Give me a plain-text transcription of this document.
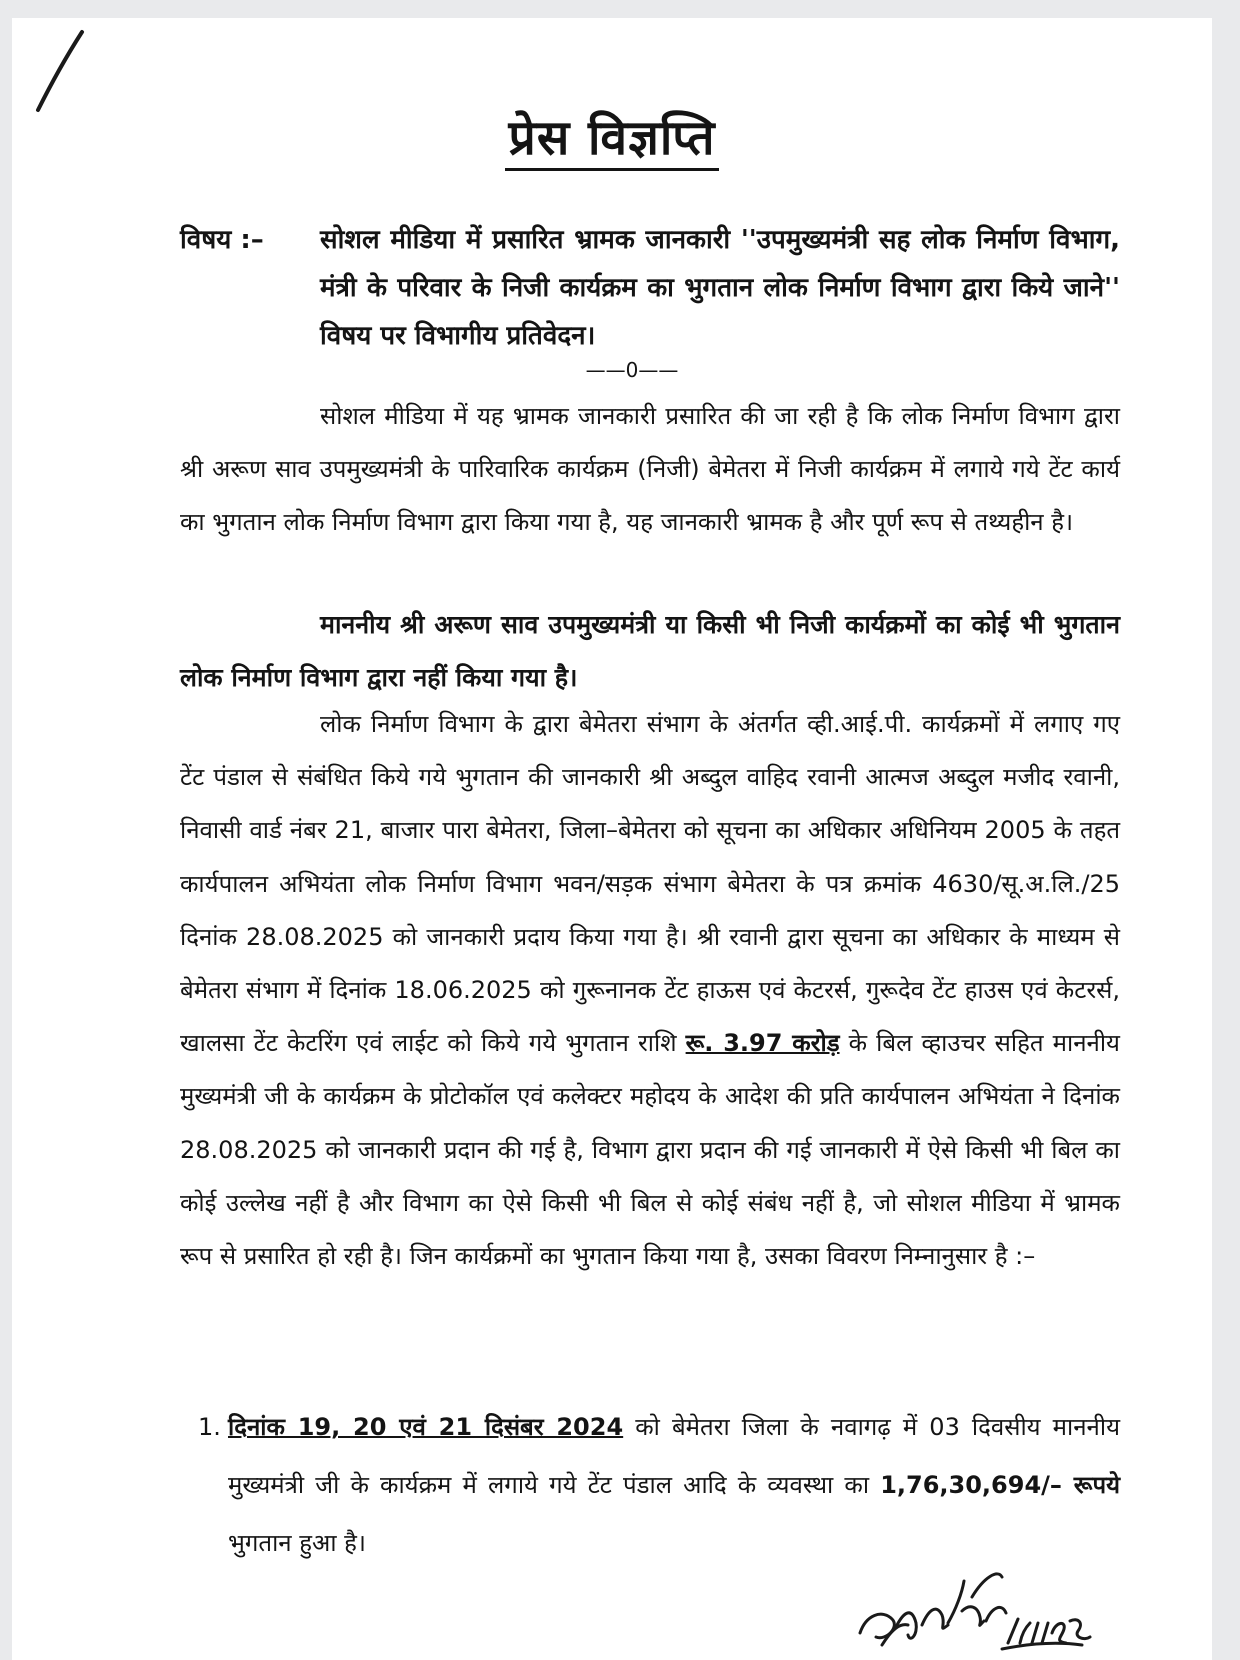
प्रेस विज्ञप्ति
विषय :–	सोशल मीडिया में प्रसारित भ्रामक जानकारी ''उपमुख्यमंत्री सह लोक निर्माण विभाग, मंत्री के परिवार के निजी कार्यक्रम का भुगतान लोक निर्माण विभाग द्वारा किये जाने'' विषय पर विभागीय प्रतिवेदन।
——0——

सोशल मीडिया में यह भ्रामक जानकारी प्रसारित की जा रही है कि लोक निर्माण विभाग द्वारा श्री अरूण साव उपमुख्यमंत्री के पारिवारिक कार्यक्रम (निजी) बेमेतरा में निजी कार्यक्रम में लगाये गये टेंट कार्य का भुगतान लोक निर्माण विभाग द्वारा किया गया है, यह जानकारी भ्रामक है और पूर्ण रूप से तथ्यहीन है।

माननीय श्री अरूण साव उपमुख्यमंत्री या किसी भी निजी कार्यक्रमों का कोई भी भुगतान लोक निर्माण विभाग द्वारा नहीं किया गया है।

लोक निर्माण विभाग के द्वारा बेमेतरा संभाग के अंतर्गत व्ही.आई.पी. कार्यक्रमों में लगाए गए टेंट पंडाल से संबंधित किये गये भुगतान की जानकारी श्री अब्दुल वाहिद रवानी आत्मज अब्दुल मजीद रवानी, निवासी वार्ड नंबर 21, बाजार पारा बेमेतरा, जिला–बेमेतरा को सूचना का अधिकार अधिनियम 2005 के तहत कार्यपालन अभियंता लोक निर्माण विभाग भवन/सड़क संभाग बेमेतरा के पत्र क्रमांक 4630/सू.अ.लि./25 दिनांक 28.08.2025 को जानकारी प्रदाय किया गया है। श्री रवानी द्वारा सूचना का अधिकार के माध्यम से बेमेतरा संभाग में दिनांक 18.06.2025 को गुरूनानक टेंट हाऊस एवं केटरर्स, गुरूदेव टेंट हाउस एवं केटरर्स, खालसा टेंट केटरिंग एवं लाईट को किये गये भुगतान राशि रू. 3.97 करोड़ के बिल व्हाउचर सहित माननीय मुख्यमंत्री जी के कार्यक्रम के प्रोटोकॉल एवं कलेक्टर महोदय के आदेश की प्रति कार्यपालन अभियंता ने दिनांक 28.08.2025 को जानकारी प्रदान की गई है, विभाग द्वारा प्रदान की गई जानकारी में ऐसे किसी भी बिल का कोई उल्लेख नहीं है और विभाग का ऐसे किसी भी बिल से कोई संबंध नहीं है, जो सोशल मीडिया में भ्रामक रूप से प्रसारित हो रही है। जिन कार्यक्रमों का भुगतान किया गया है, उसका विवरण निम्नानुसार है :–

1. दिनांक 19, 20 एवं 21 दिसंबर 2024 को बेमेतरा जिला के नवागढ़ में 03 दिवसीय माननीय मुख्यमंत्री जी के कार्यक्रम में लगाये गये टेंट पंडाल आदि के व्यवस्था का 1,76,30,694/– रूपये भुगतान हुआ है।
